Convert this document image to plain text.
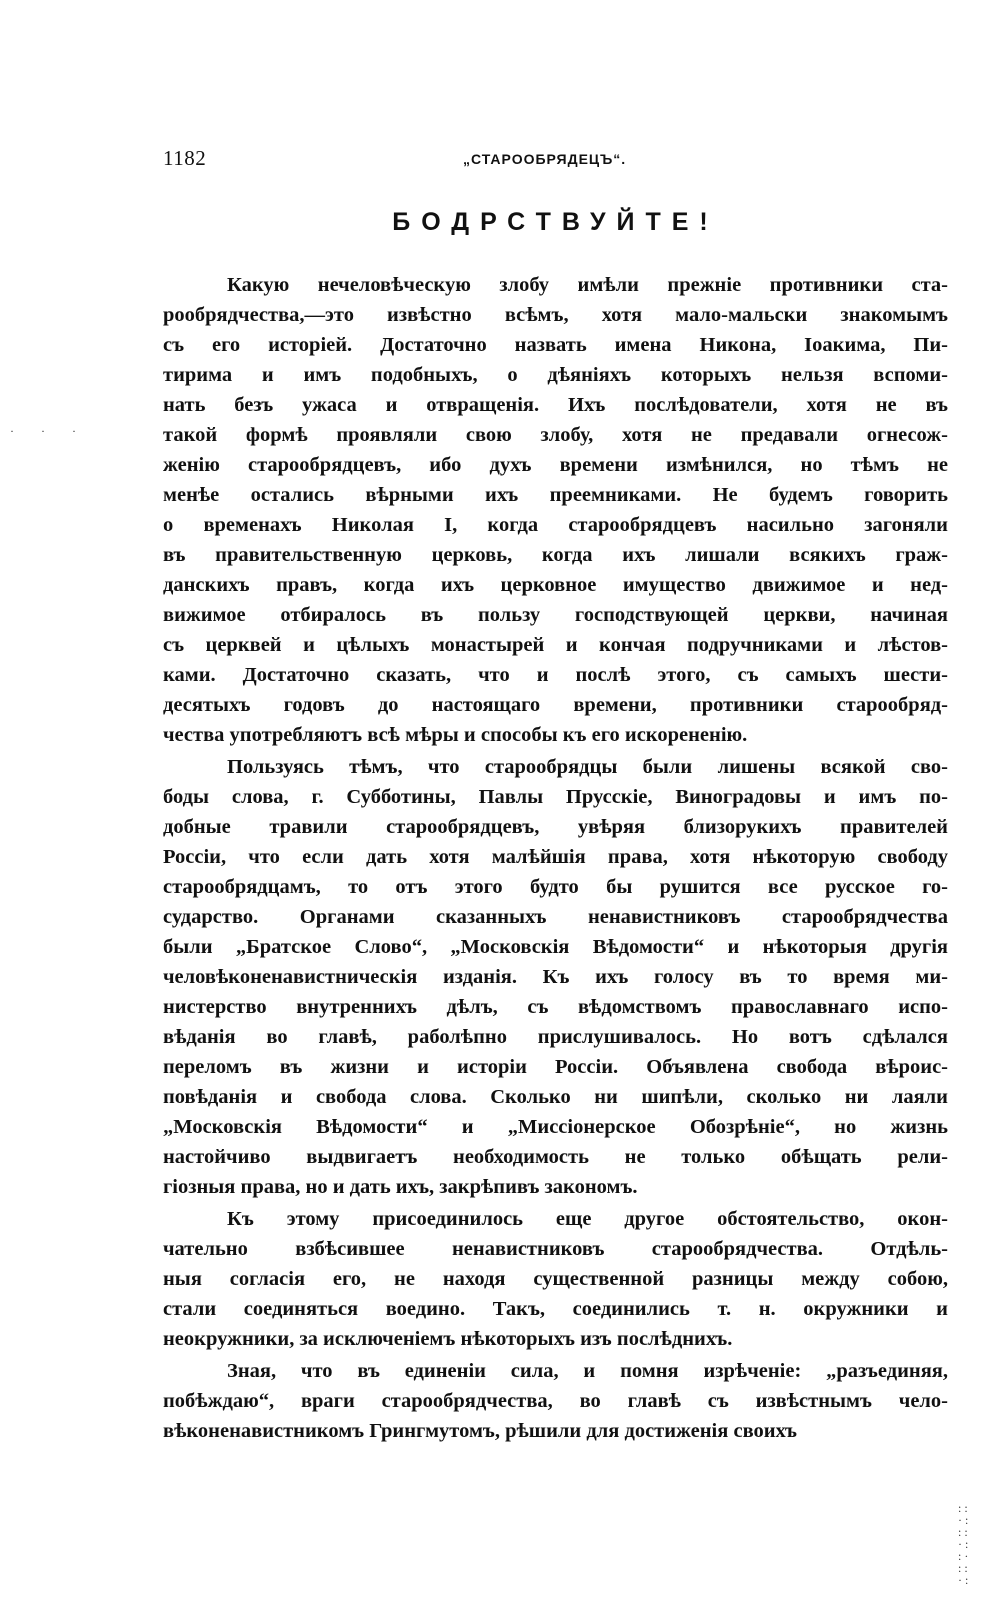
· · ·
1182	„СТАРООБРЯДЕЦЪ“.
БОДРСТВУЙТЕ!
Какую нечеловѣческую злобу имѣли прежніе противники ста-
рообрядчества,—это извѣстно всѣмъ, хотя мало-мальски знакомымъ
съ его исторіей. Достаточно назвать имена Никона, Іоакима, Пи-
тирима и имъ подобныхъ, о дѣяніяхъ которыхъ нельзя вспоми-
нать безъ ужаса и отвращенія. Ихъ послѣдователи, хотя не въ
такой формѣ проявляли свою злобу, хотя не предавали огнесож-
женію старообрядцевъ, ибо духъ времени измѣнился, но тѣмъ не
менѣе остались вѣрными ихъ преемниками. Не будемъ говорить
о временахъ Николая I, когда старообрядцевъ насильно загоняли
въ правительственную церковь, когда ихъ лишали всякихъ граж-
данскихъ правъ, когда ихъ церковное имущество движимое и нед-
вижимое отбиралось въ пользу господствующей церкви, начиная
съ церквей и цѣлыхъ монастырей и кончая подручниками и лѣстов-
ками. Достаточно сказать, что и послѣ этого, съ самыхъ шести-
десятыхъ годовъ до настоящаго времени, противники старообряд-
чества употребляютъ всѣ мѣры и способы къ его искорененію.
Пользуясь тѣмъ, что старообрядцы были лишены всякой сво-
боды слова, г. Субботины, Павлы Прусскіе, Виноградовы и имъ по-
добные травили старообрядцевъ, увѣряя близорукихъ правителей
Россіи, что если дать хотя малѣйшія права, хотя нѣкоторую свободу
старообрядцамъ, то отъ этого будто бы рушится все русское го-
сударство. Органами сказанныхъ ненавистниковъ старообрядчества
были „Братское Слово“, „Московскія Вѣдомости“ и нѣкоторыя другія
человѣконенавистническія изданія. Къ ихъ голосу въ то время ми-
нистерство внутреннихъ дѣлъ, съ вѣдомствомъ православнаго испо-
вѣданія во главѣ, раболѣпно прислушивалось. Но вотъ сдѣлался
переломъ въ жизни и исторіи Россіи. Объявлена свобода вѣроис-
повѣданія и свобода слова. Сколько ни шипѣли, сколько ни лаяли
„Московскія Вѣдомости“ и „Миссіонерское Обозрѣніе“, но жизнь
настойчиво выдвигаетъ необходимость не только обѣщать рели-
гіозныя права, но и дать ихъ, закрѣпивъ закономъ.
Къ этому присоединилось еще другое обстоятельство, окон-
чательно взбѣсившее ненавистниковъ старообрядчества. Отдѣль-
ныя согласія его, не находя существенной разницы между собою,
стали соединяться воедино. Такъ, соединились т. н. окружники и
неокружники, за исключеніемъ нѣкоторыхъ изъ послѣднихъ.
Зная, что въ единеніи сила, и помня изрѣченіе: „разъединяя,
побѣждаю“, враги старообрядчества, во главѣ съ извѣстнымъ чело-
вѣконенавистникомъ Грингмутомъ, рѣшили для достиженія своихъ
: :
· :
: :
· :
: ·
: :
· :
